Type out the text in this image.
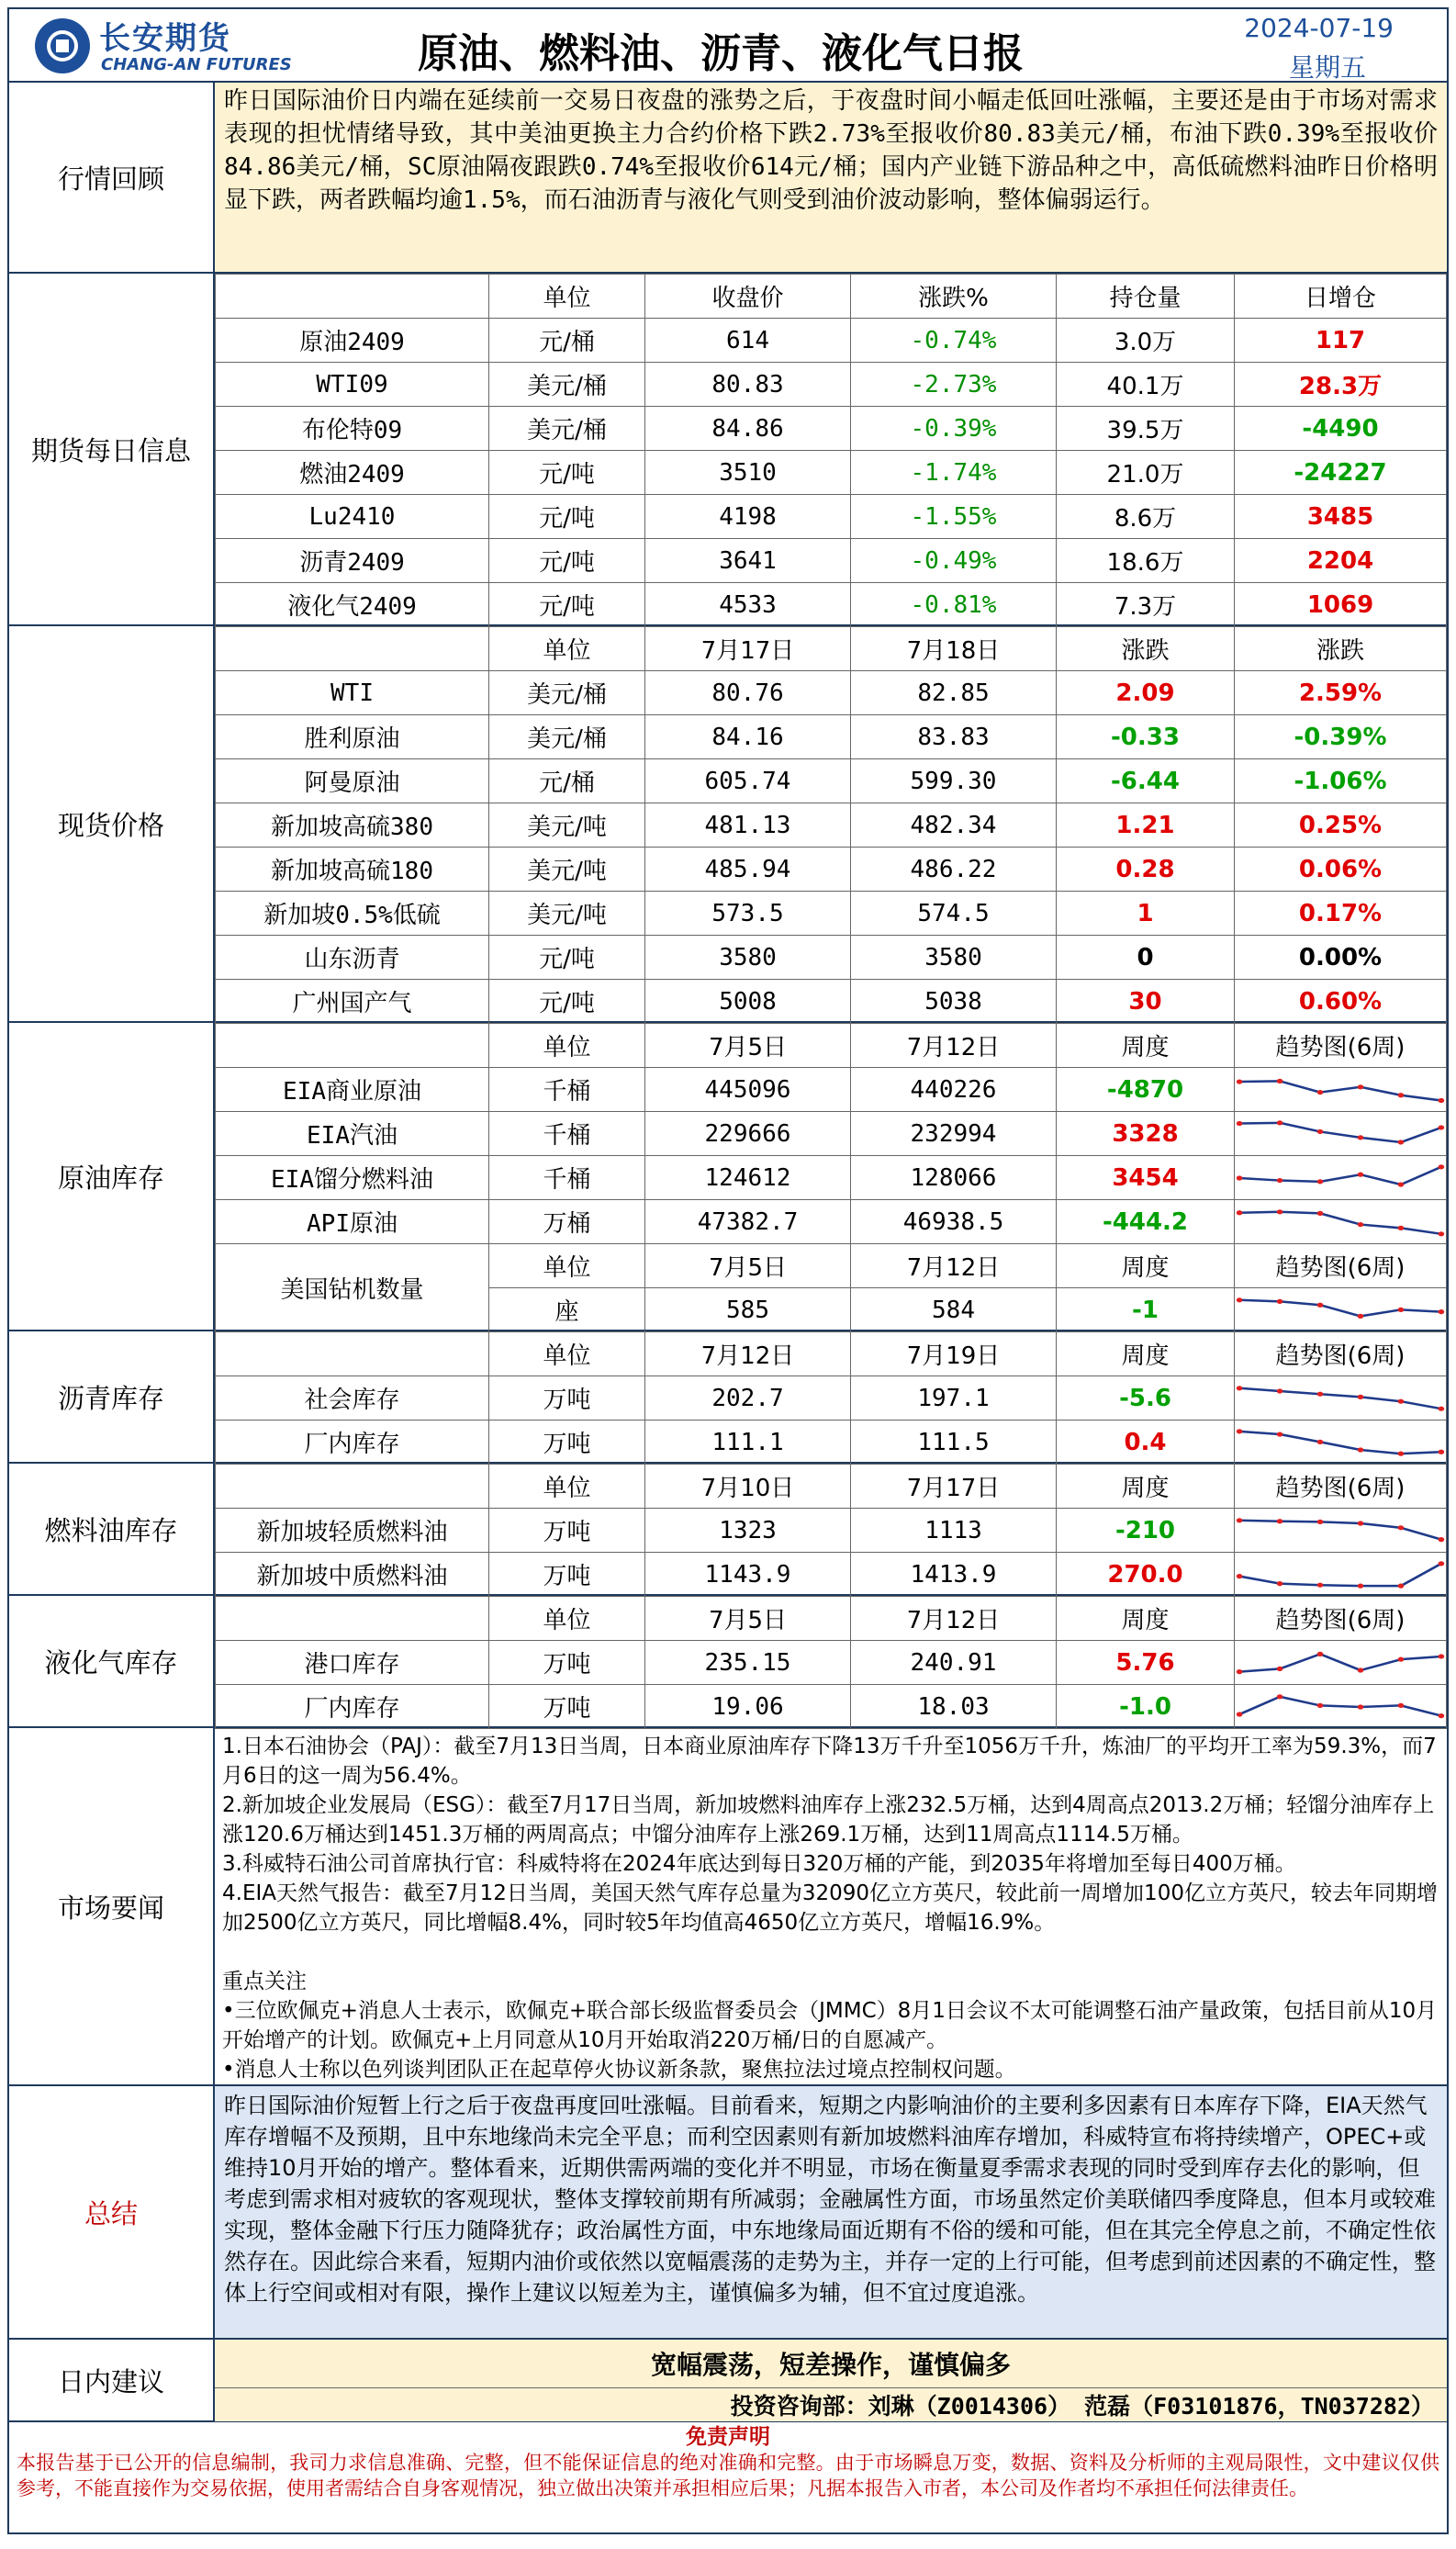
长安期货
CHANG-AN FUTURES	原油、燃料油、沥青、液化气日报
2024-07-19
星期五
行情回顾
昨日国际油价日内端在延续前一交易日夜盘的涨势之后，于夜盘时间小幅走低回吐涨幅，主要还是由于市场对需求表现的担忧情绪导致，其中美油更换主力合约价格下跌2.73%至报收价80.83美元/桶，布油下跌0.39%至报收价84.86美元/桶，SC原油隔夜跟跌0.74%至报收价614元/桶；国内产业链下游品种之中，高低硫燃料油昨日价格明显下跌，两者跌幅均逾1.5%，而石油沥青与液化气则受到油价波动影响，整体偏弱运行。
期货每日信息
	单位	收盘价	涨跌%	持仓量	日增仓
原油2409	元/桶	614	-0.74%	3.0万	117
WTI09	美元/桶	80.83	-2.73%	40.1万	28.3万
布伦特09	美元/桶	84.86	-0.39%	39.5万	-4490
燃油2409	元/吨	3510	-1.74%	21.0万	-24227
Lu2410	元/吨	4198	-1.55%	8.6万	3485
沥青2409	元/吨	3641	-0.49%	18.6万	2204
液化气2409	元/吨	4533	-0.81%	7.3万	1069
现货价格
	单位	7月17日	7月18日	涨跌	涨跌
WTI	美元/桶	80.76	82.85	2.09	2.59%
胜利原油	美元/桶	84.16	83.83	-0.33	-0.39%
阿曼原油	元/桶	605.74	599.30	-6.44	-1.06%
新加坡高硫380	美元/吨	481.13	482.34	1.21	0.25%
新加坡高硫180	美元/吨	485.94	486.22	0.28	0.06%
新加坡0.5%低硫	美元/吨	573.5	574.5	1	0.17%
山东沥青	元/吨	3580	3580	0	0.00%
广州国产气	元/吨	5008	5038	30	0.60%
原油库存
	单位	7月5日	7月12日	周度	趋势图(6周)
EIA商业原油	千桶	445096	440226	-4870	

EIA汽油	千桶	229666	232994	3328	

EIA馏分燃料油	千桶	124612	128066	3454	

API原油	万桶	47382.7	46938.5	-444.2	

美国钻机数量	单位	7月5日	7月12日	周度	趋势图(6周)
	座	585	584	-1	
沥青库存
	单位	7月12日	7月19日	周度	趋势图(6周)
社会库存	万吨	202.7	197.1	-5.6	

厂内库存	万吨	111.1	111.5	0.4	
燃料油库存
	单位	7月10日	7月17日	周度	趋势图(6周)
新加坡轻质燃料油	万吨	1323	1113	-210	

新加坡中质燃料油	万吨	1143.9	1413.9	270.0	
液化气库存
	单位	7月5日	7月12日	周度	趋势图(6周)
港口库存	万吨	235.15	240.91	5.76	

厂内库存	万吨	19.06	18.03	-1.0	
市场要闻

1.日本石油协会（PAJ）：截至7月13日当周，日本商业原油库存下降13万千升至1056万千升，炼油厂的平均开工率为59.3%，而7月6日的这一周为56.4%。

2.新加坡企业发展局（ESG）：截至7月17日当周，新加坡燃料油库存上涨232.5万桶，达到4周高点2013.2万桶；轻馏分油库存上涨120.6万桶达到1451.3万桶的两周高点；中馏分油库存上涨269.1万桶，达到11周高点1114.5万桶。

3.科威特石油公司首席执行官：科威特将在2024年底达到每日320万桶的产能，到2035年将增加至每日400万桶。

4.EIA天然气报告：截至7月12日当周，美国天然气库存总量为32090亿立方英尺，较此前一周增加100亿立方英尺，较去年同期增加2500亿立方英尺，同比增幅8.4%，同时较5年均值高4650亿立方英尺，增幅16.9%。

重点关注

•三位欧佩克+消息人士表示，欧佩克+联合部长级监督委员会（JMMC）8月1日会议不太可能调整石油产量政策，包括目前从10月开始增产的计划。欧佩克+上月同意从10月开始取消220万桶/日的自愿减产。

•消息人士称以色列谈判团队正在起草停火协议新条款，聚焦拉法过境点控制权问题。

总结
昨日国际油价短暂上行之后于夜盘再度回吐涨幅。目前看来，短期之内影响油价的主要利多因素有日本库存下降，EIA天然气库存增幅不及预期，且中东地缘尚未完全平息；而利空因素则有新加坡燃料油库存增加，科威特宣布将持续增产，OPEC+或维持10月开始的增产。整体看来，近期供需两端的变化并不明显，市场在衡量夏季需求表现的同时受到库存去化的影响，但考虑到需求相对疲软的客观现状，整体支撑较前期有所减弱；金融属性方面，市场虽然定价美联储四季度降息，但本月或较难实现，整体金融下行压力随降犹存；政治属性方面，中东地缘局面近期有不俗的缓和可能，但在其完全停息之前，不确定性依然存在。因此综合来看，短期内油价或依然以宽幅震荡的走势为主，并存一定的上行可能，但考虑到前述因素的不确定性，整体上行空间或相对有限，操作上建议以短差为主，谨慎偏多为辅，但不宜过度追涨。
日内建议
宽幅震荡，短差操作，谨慎偏多
投资咨询部：刘琳（Z0014306） 范磊（F03101876，TN037282）
免责声明
本报告基于已公开的信息编制，我司力求信息准确、完整，但不能保证信息的绝对准确和完整。由于市场瞬息万变，数据、资料及分析师的主观局限性，文中建议仅供参考，不能直接作为交易依据，使用者需结合自身客观情况，独立做出决策并承担相应后果；凡据本报告入市者，本公司及作者均不承担任何法律责任。
